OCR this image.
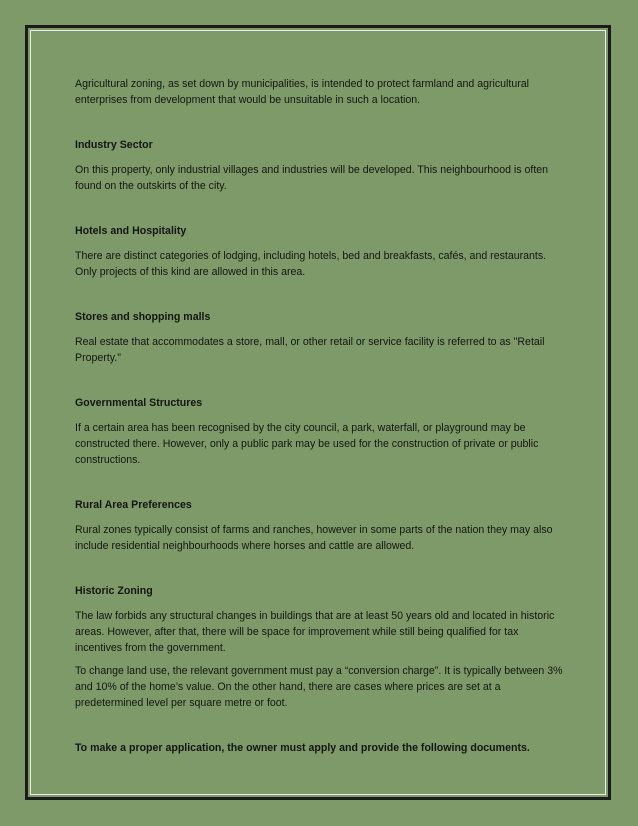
Agricultural zoning, as set down by municipalities, is intended to protect farmland and agricultural enterprises from development that would be unsuitable in such a location.

Industry Sector

On this property, only industrial villages and industries will be developed. This neighbourhood is often found on the outskirts of the city.

Hotels and Hospitality

There are distinct categories of lodging, including hotels, bed and breakfasts, cafés, and restaurants. Only projects of this kind are allowed in this area.

Stores and shopping malls

Real estate that accommodates a store, mall, or other retail or service facility is referred to as "Retail Property."

Governmental Structures

If a certain area has been recognised by the city council, a park, waterfall, or playground may be constructed there. However, only a public park may be used for the construction of private or public constructions.

Rural Area Preferences

Rural zones typically consist of farms and ranches, however in some parts of the nation they may also include residential neighbourhoods where horses and cattle are allowed.

Historic Zoning

The law forbids any structural changes in buildings that are at least 50 years old and located in historic areas. However, after that, there will be space for improvement while still being qualified for tax incentives from the government.

To change land use, the relevant government must pay a “conversion charge”. It is typically between 3% and 10% of the home’s value. On the other hand, there are cases where prices are set at a predetermined level per square metre or foot.

To make a proper application, the owner must apply and provide the following documents.
